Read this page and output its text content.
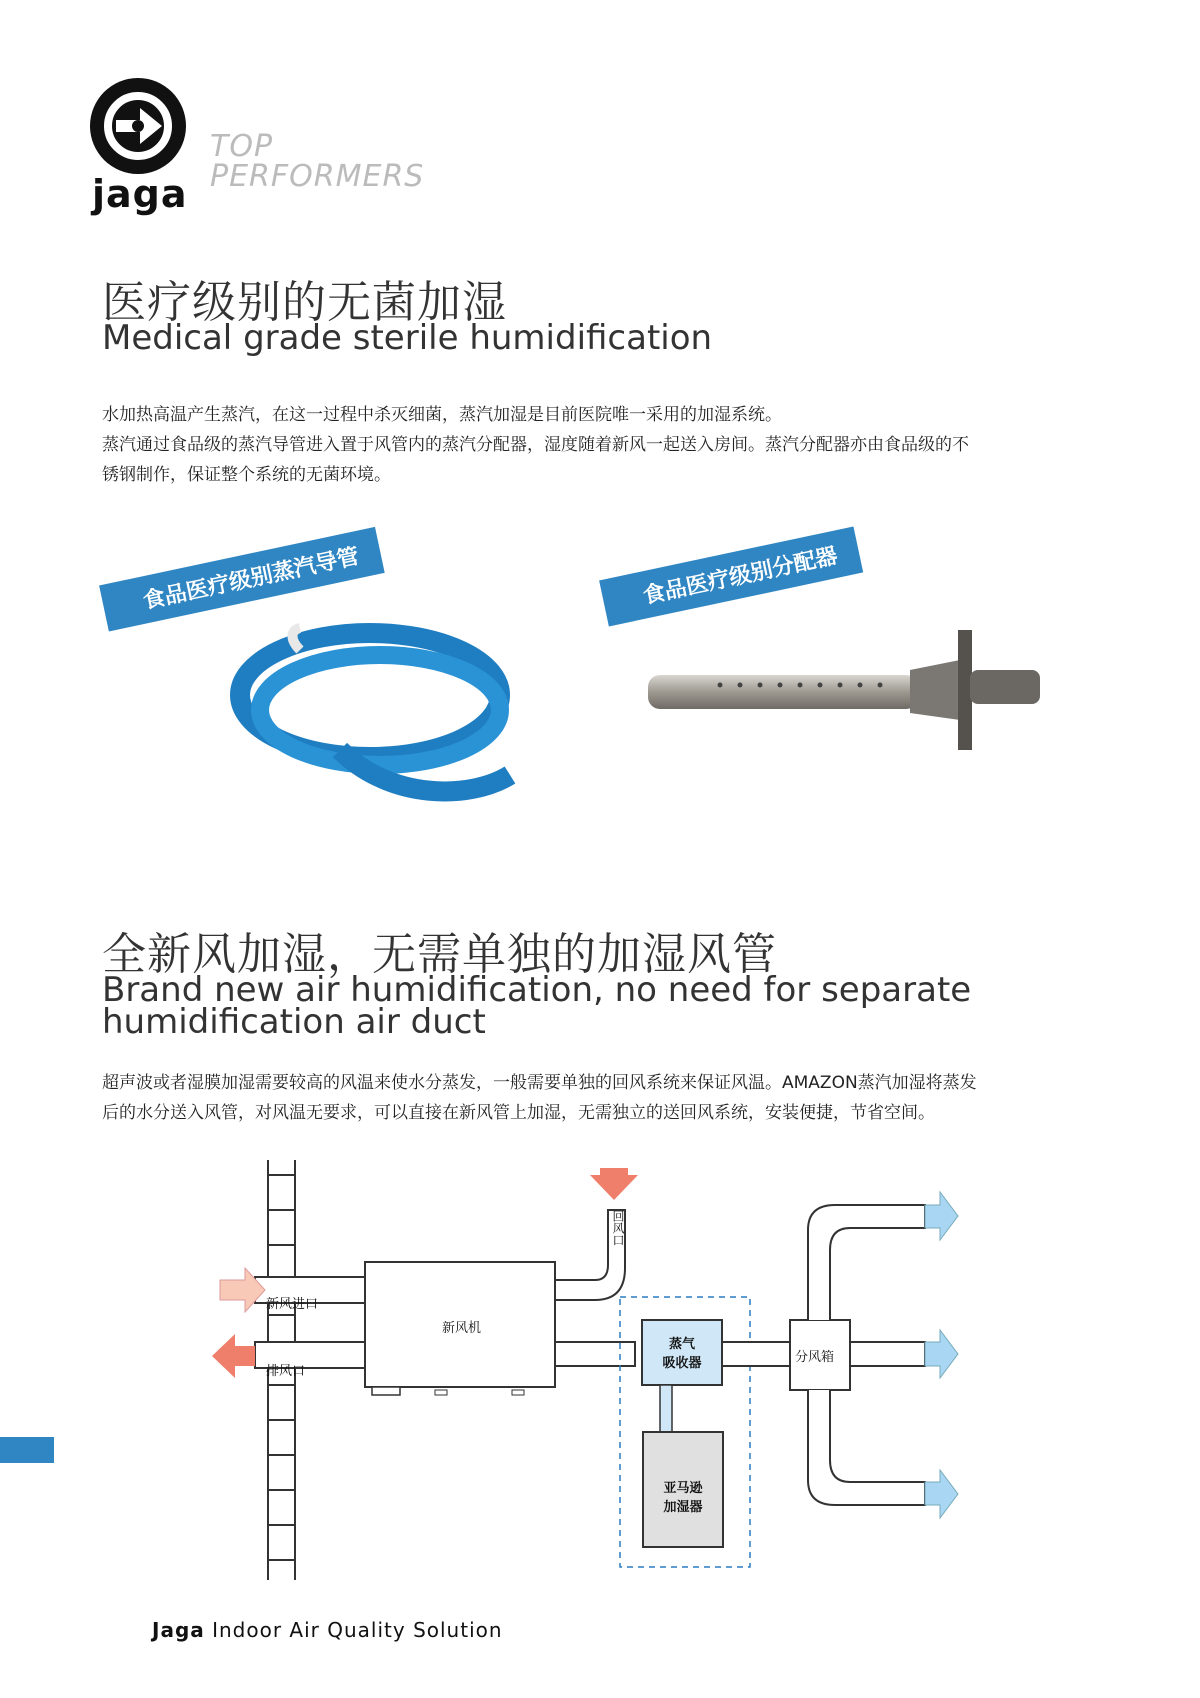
jaga
TOP
PERFORMERS
医疗级别的无菌加湿
Medical grade sterile humidification
水加热高温产生蒸汽，在这一过程中杀灭细菌，蒸汽加湿是目前医院唯一采用的加湿系统。
蒸汽通过食品级的蒸汽导管进入置于风管内的蒸汽分配器，湿度随着新风一起送入房间。蒸汽分配器亦由食品级的不
锈钢制作，保证整个系统的无菌环境。
食品医疗级别蒸汽导管	食品医疗级别分配器
全新风加湿，无需单独的加湿风管
Brand new air humidification, no need for separate
humidification air duct
超声波或者湿膜加湿需要较高的风温来使水分蒸发，一般需要单独的回风系统来保证风温。AMAZON蒸汽加湿将蒸发
后的水分送入风管，对风温无要求，可以直接在新风管上加湿，无需独立的送回风系统，安装便捷，节省空间。
新风进口
排风口
新风机
回风口
蒸气
吸收器
亚马逊
加湿器
分风箱
Jaga Indoor Air Quality Solution
